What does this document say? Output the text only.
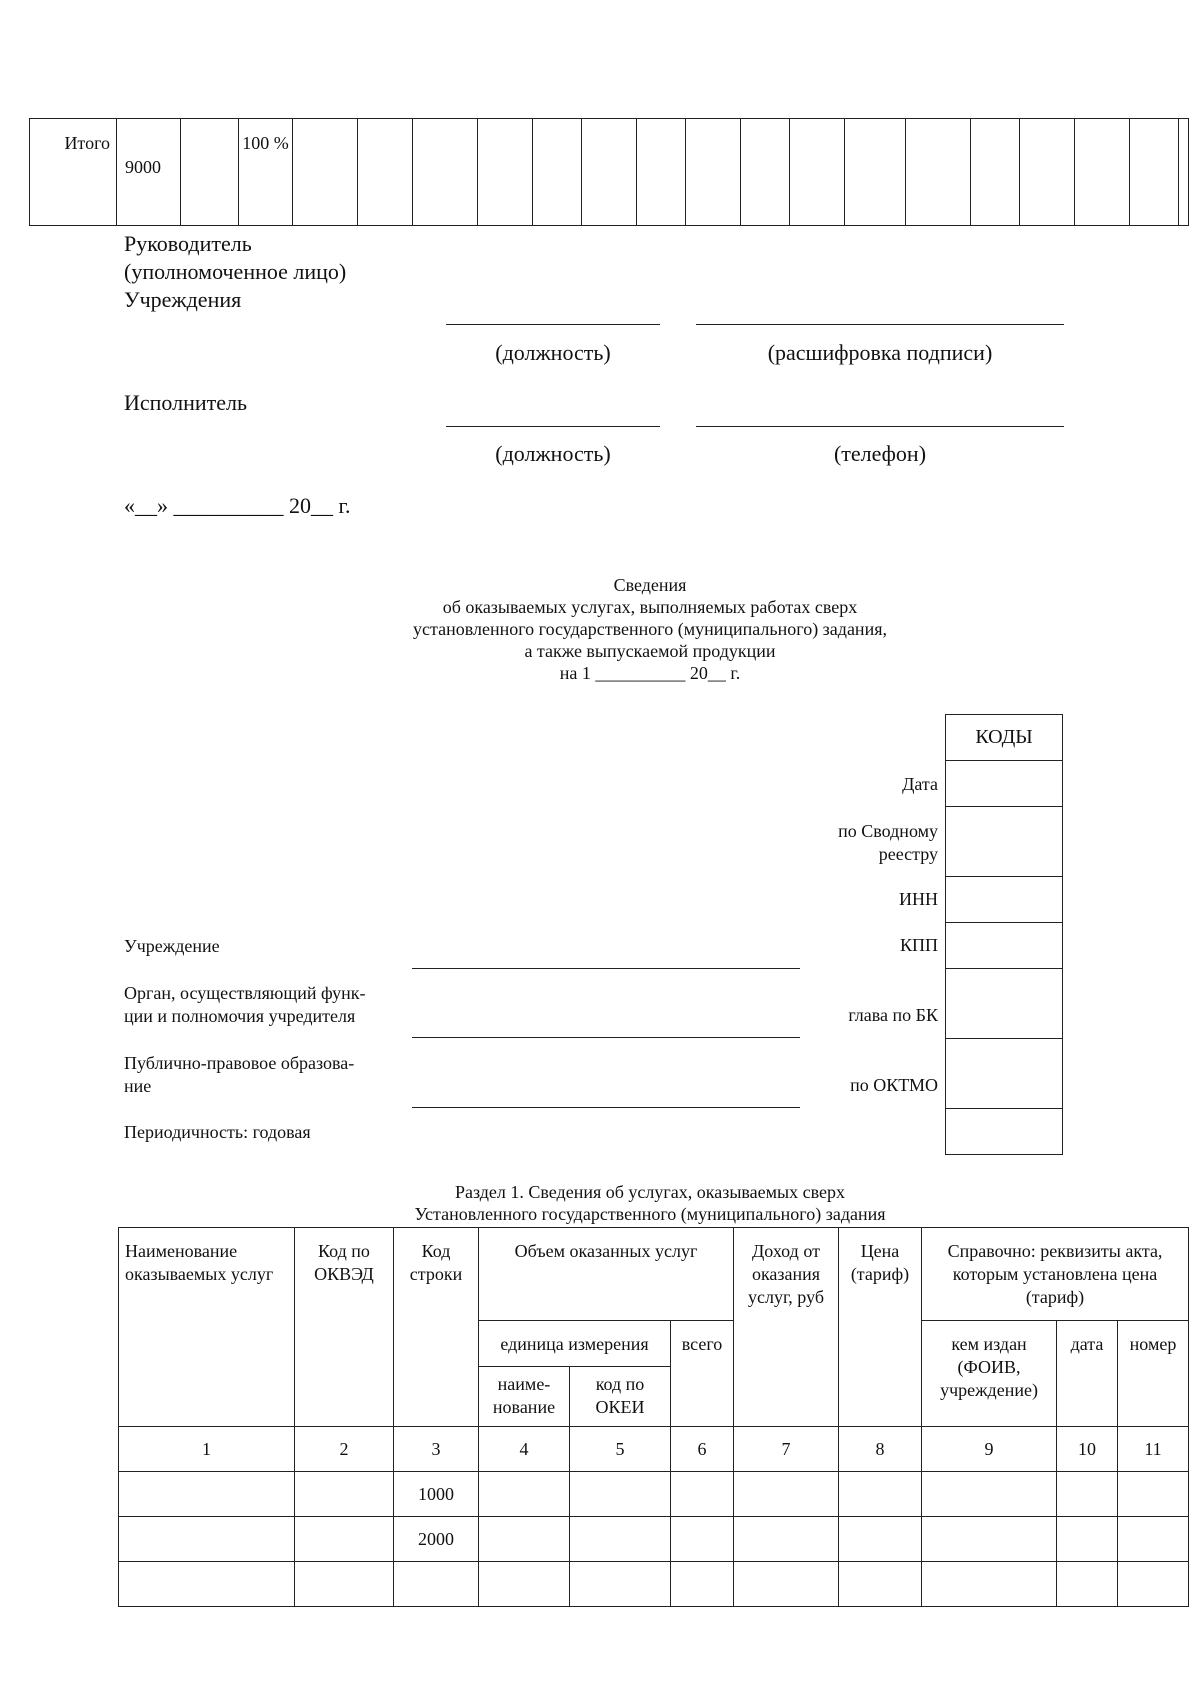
Итого	9000		100 %																	
Руководитель
(уполномоченное лицо)
Учреждения
(должность)	(расшифровка подписи)
Исполнитель
(должность)	(телефон)
«__» __________ 20__ г.
Сведения
об оказываемых услугах, выполняемых работах сверх
установленного государственного (муниципального) задания,
а также выпускаемой продукции
на 1 __________ 20__ г.
КОДЫ

Дата
по Сводному
реестру
ИНН
КПП
глава по БК
по ОКТМО
Учреждение
Орган, осуществляющий функ-
ции и полномочия учредителя
Публично-правовое образова-
ние
Периодичность: годовая
Раздел 1. Сведения об услугах, оказываемых сверх
Установленного государственного (муниципального) задания
Наименование оказываемых услуг	Код по ОКВЭД	Код строки	Объем оказанных услуг			Доход от оказания услуг, руб	Цена (тариф)	Справочно: реквизиты акта, которым установлена цена (тариф)		
			единица измерения		всего			кем издан (ФОИВ, учреждение)	дата	номер
			наиме-нование	код по ОКЕИ						
1	2	3	4	5	6	7	8	9	10	11
		1000								
		2000								
